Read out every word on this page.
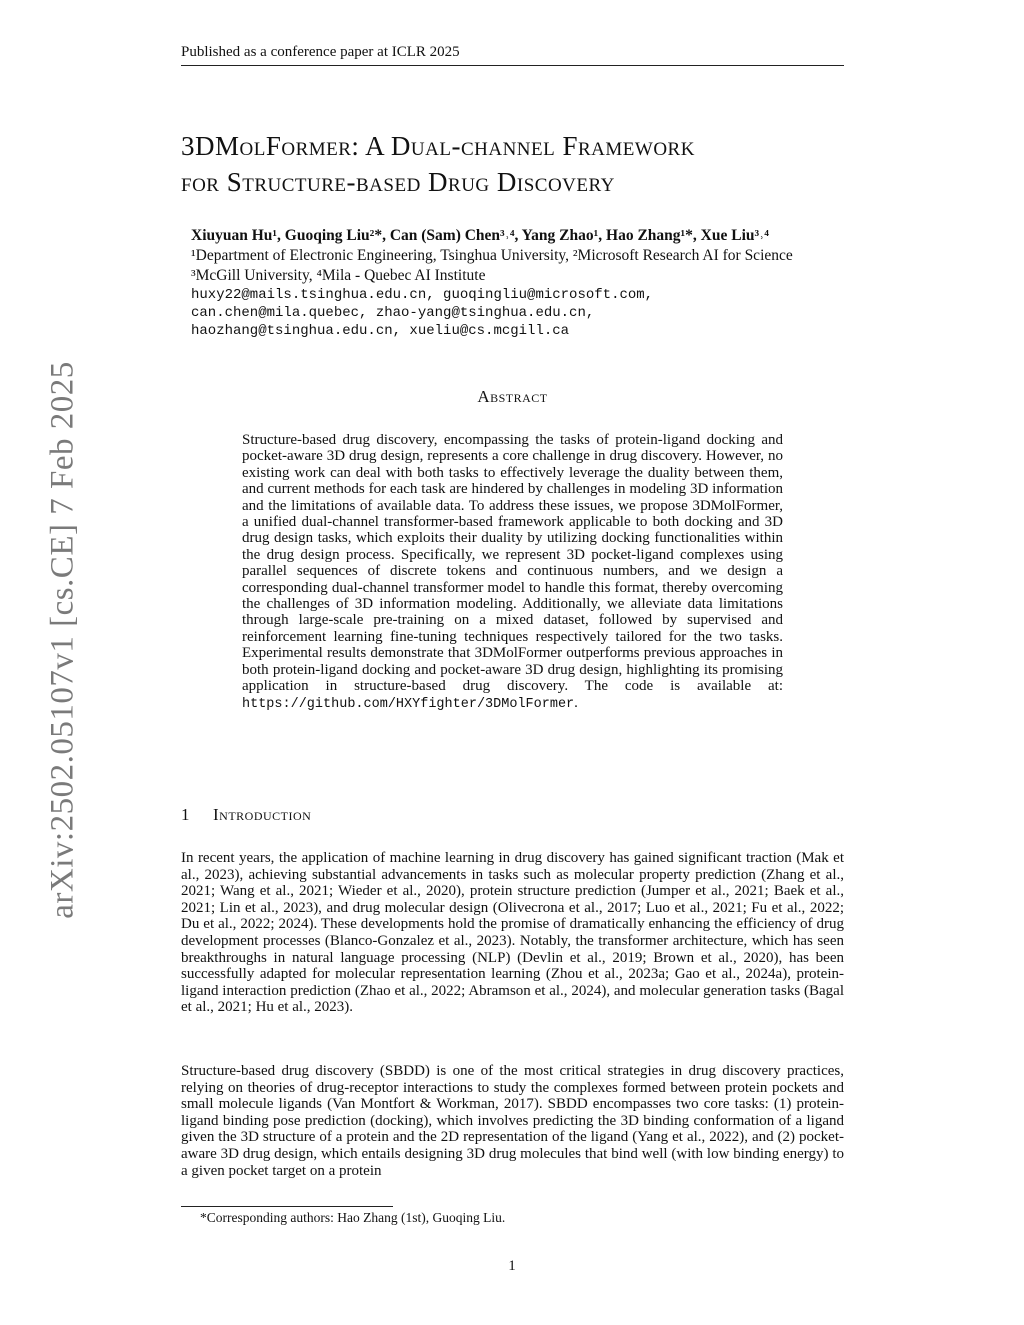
Published as a conference paper at ICLR 2025
arXiv:2502.05107v1 [cs.CE] 7 Feb 2025
3DMolFormer: A Dual-channel Framework
for Structure-based Drug Discovery
Xiuyuan Hu¹, Guoqing Liu²*, Can (Sam) Chen³˒⁴, Yang Zhao¹, Hao Zhang¹*, Xue Liu³˒⁴
¹Department of Electronic Engineering, Tsinghua University, ²Microsoft Research AI for Science
³McGill University, ⁴Mila - Quebec AI Institute
huxy22@mails.tsinghua.edu.cn, guoqingliu@microsoft.com,
can.chen@mila.quebec, zhao-yang@tsinghua.edu.cn,
haozhang@tsinghua.edu.cn, xueliu@cs.mcgill.ca
Abstract
Structure-based drug discovery, encompassing the tasks of protein-ligand docking and pocket-aware 3D drug design, represents a core challenge in drug discovery. However, no existing work can deal with both tasks to effectively leverage the duality between them, and current methods for each task are hindered by challenges in modeling 3D information and the limitations of available data. To address these issues, we propose 3DMolFormer, a unified dual-channel transformer-based framework applicable to both docking and 3D drug design tasks, which exploits their duality by utilizing docking functionalities within the drug design process. Specifically, we represent 3D pocket-ligand complexes using parallel sequences of discrete tokens and continuous numbers, and we design a corresponding dual-channel transformer model to handle this format, thereby overcoming the challenges of 3D information modeling. Additionally, we alleviate data limitations through large-scale pre-training on a mixed dataset, followed by supervised and reinforcement learning fine-tuning techniques respectively tailored for the two tasks. Experimental results demonstrate that 3DMolFormer outperforms previous approaches in both protein-ligand docking and pocket-aware 3D drug design, highlighting its promising application in structure-based drug discovery. The code is available at: https://github.com/HXYfighter/3DMolFormer.
1 Introduction
In recent years, the application of machine learning in drug discovery has gained significant traction (Mak et al., 2023), achieving substantial advancements in tasks such as molecular property prediction (Zhang et al., 2021; Wang et al., 2021; Wieder et al., 2020), protein structure prediction (Jumper et al., 2021; Baek et al., 2021; Lin et al., 2023), and drug molecular design (Olivecrona et al., 2017; Luo et al., 2021; Fu et al., 2022; Du et al., 2022; 2024). These developments hold the promise of dramatically enhancing the efficiency of drug development processes (Blanco-Gonzalez et al., 2023). Notably, the transformer architecture, which has seen breakthroughs in natural language processing (NLP) (Devlin et al., 2019; Brown et al., 2020), has been successfully adapted for molecular representation learning (Zhou et al., 2023a; Gao et al., 2024a), protein-ligand interaction prediction (Zhao et al., 2022; Abramson et al., 2024), and molecular generation tasks (Bagal et al., 2021; Hu et al., 2023).
Structure-based drug discovery (SBDD) is one of the most critical strategies in drug discovery practices, relying on theories of drug-receptor interactions to study the complexes formed between protein pockets and small molecule ligands (Van Montfort & Workman, 2017). SBDD encompasses two core tasks: (1) protein-ligand binding pose prediction (docking), which involves predicting the 3D binding conformation of a ligand given the 3D structure of a protein and the 2D representation of the ligand (Yang et al., 2022), and (2) pocket-aware 3D drug design, which entails designing 3D drug molecules that bind well (with low binding energy) to a given pocket target on a protein
*Corresponding authors: Hao Zhang (1st), Guoqing Liu.
1
